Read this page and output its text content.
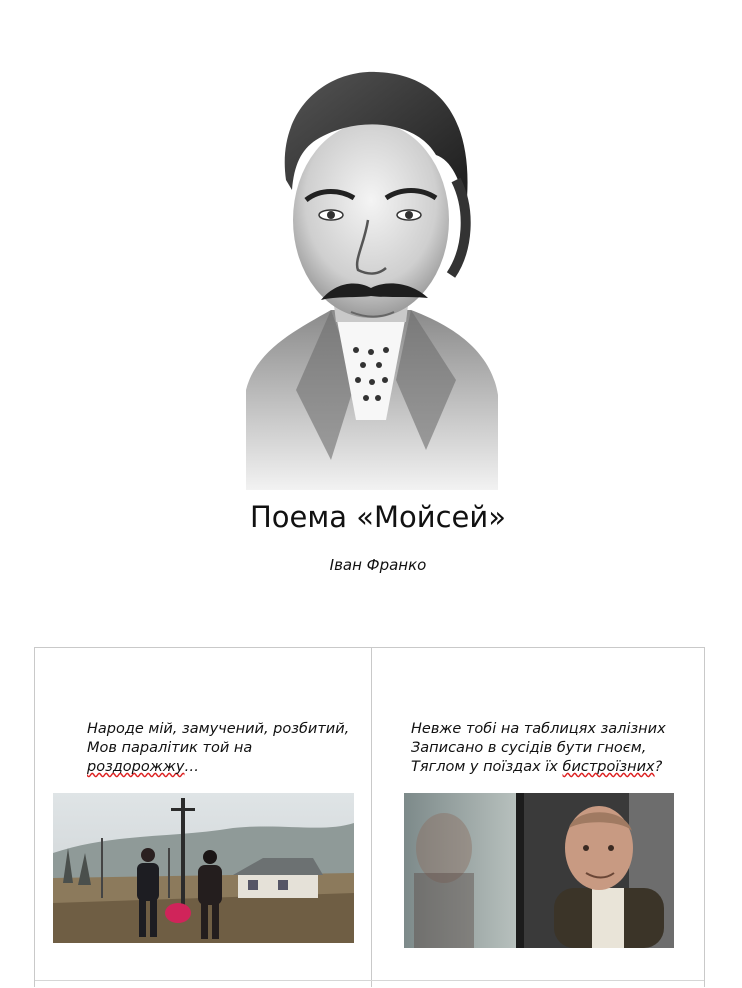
Поема «Мойсей»
Іван Франко
Народе мій, замучений, розбитий,
Мов паралітик той на
роздорожжу…
Невже тобі на таблицях залізних
Записано в сусідів бути гноєм,
Тяглом у поїздах їх бистроїзних?
